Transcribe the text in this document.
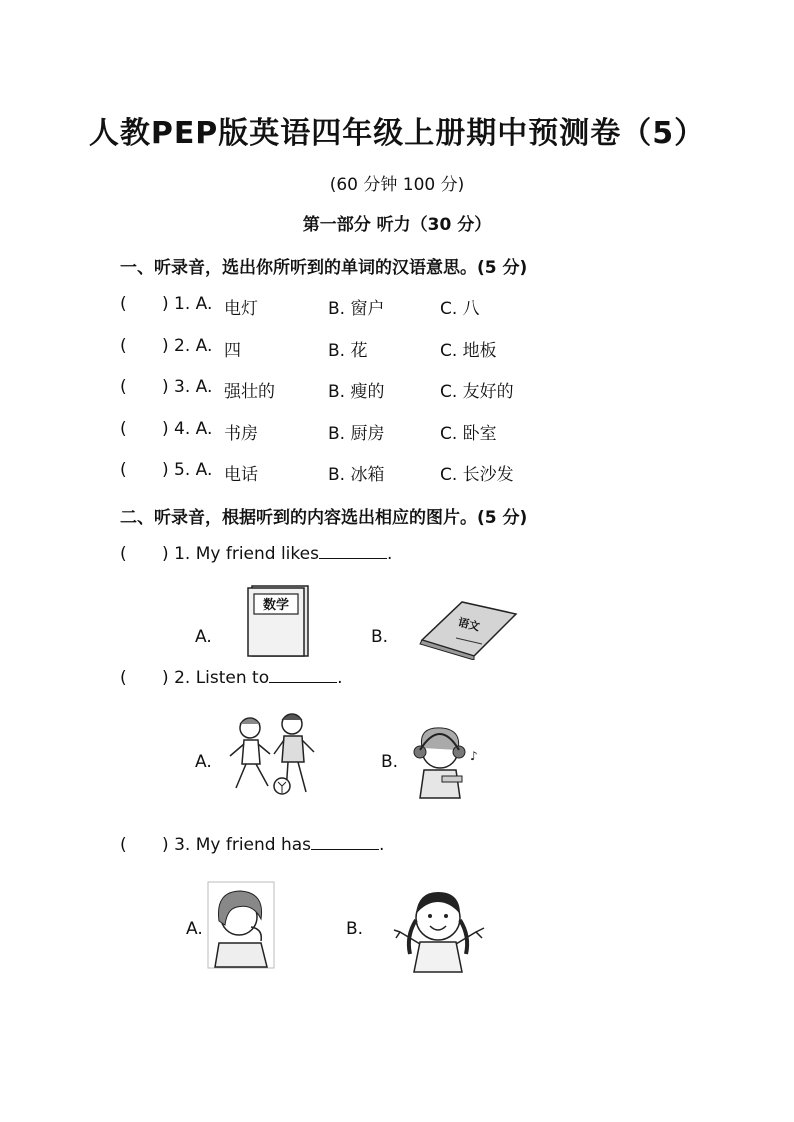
人教PEP版英语四年级上册期中预测卷（5）
(60 分钟 100 分)
第一部分 听力（30 分）
一、听录音，选出你所听到的单词的汉语意思。(5 分)
( ) 1. A. 电灯	B. 窗户	C. 八
( ) 2. A. 四	B. 花	C. 地板
( ) 3. A. 强壮的	B. 瘦的	C. 友好的
( ) 4. A. 书房	B. 厨房	C. 卧室
( ) 5. A. 电话	B. 冰箱	C. 长沙发
二、听录音，根据听到的内容选出相应的图片。(5 分)
( ) 1. My friend likes	.
A.
数学
B.
语文
( ) 2. Listen to	.
A.	B.	♪
( ) 3. My friend has	.
A.	B.
